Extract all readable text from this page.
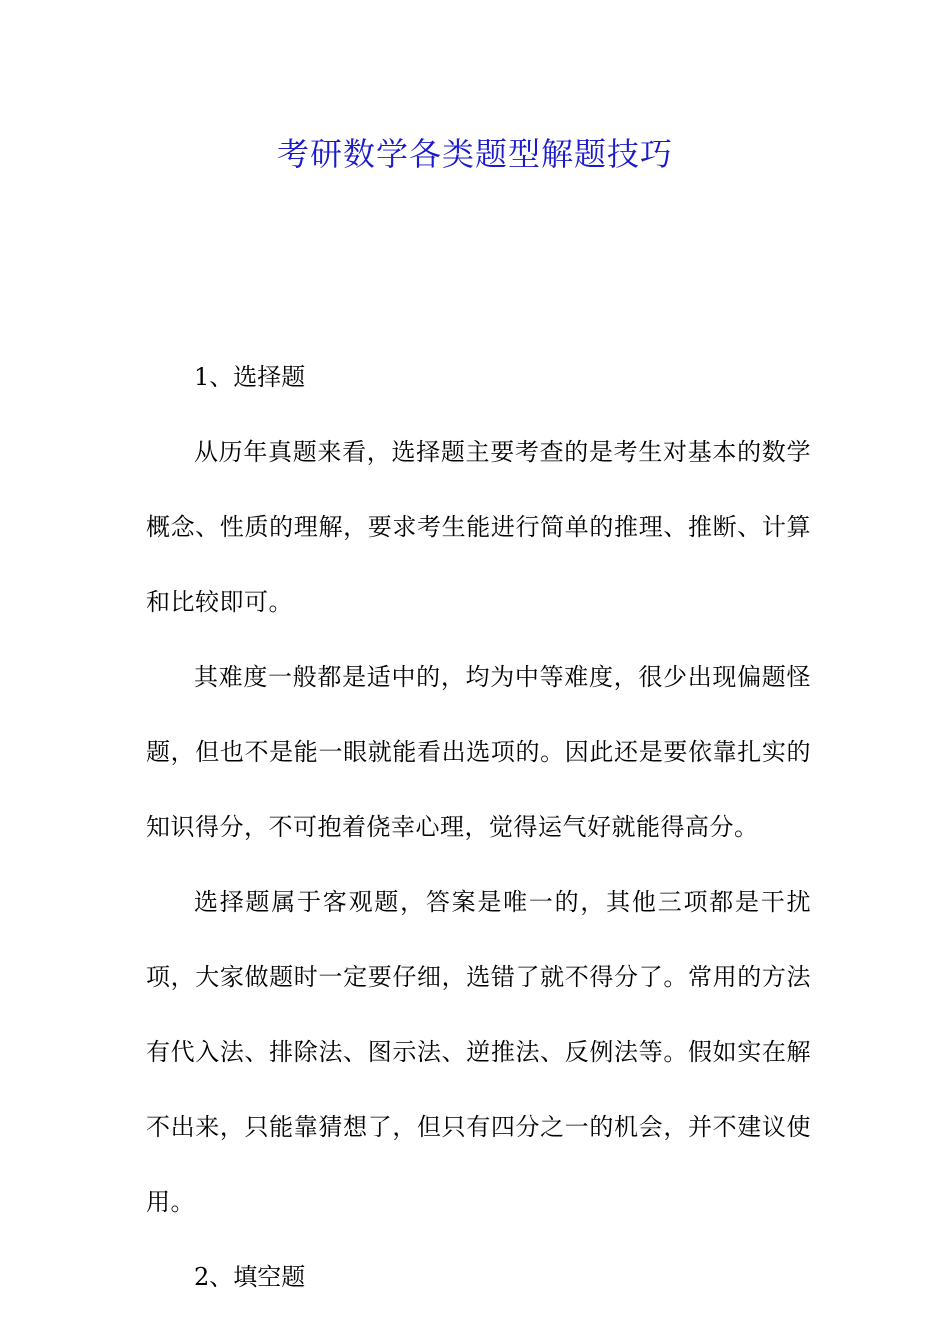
考研数学各类题型解题技巧

1、选择题

从历年真题来看，选择题主要考查的是考生对基本的数学概念、性质的理解，要求考生能进行简单的推理、推断、计算和比较即可。

其难度一般都是适中的，均为中等难度，很少出现偏题怪题，但也不是能一眼就能看出选项的。因此还是要依靠扎实的知识得分，不可抱着侥幸心理，觉得运气好就能得高分。

选择题属于客观题，答案是唯一的，其他三项都是干扰项，大家做题时一定要仔细，选错了就不得分了。常用的方法有代入法、排除法、图示法、逆推法、反例法等。假如实在解不出来，只能靠猜想了，但只有四分之一的机会，并不建议使用。

2、填空题
